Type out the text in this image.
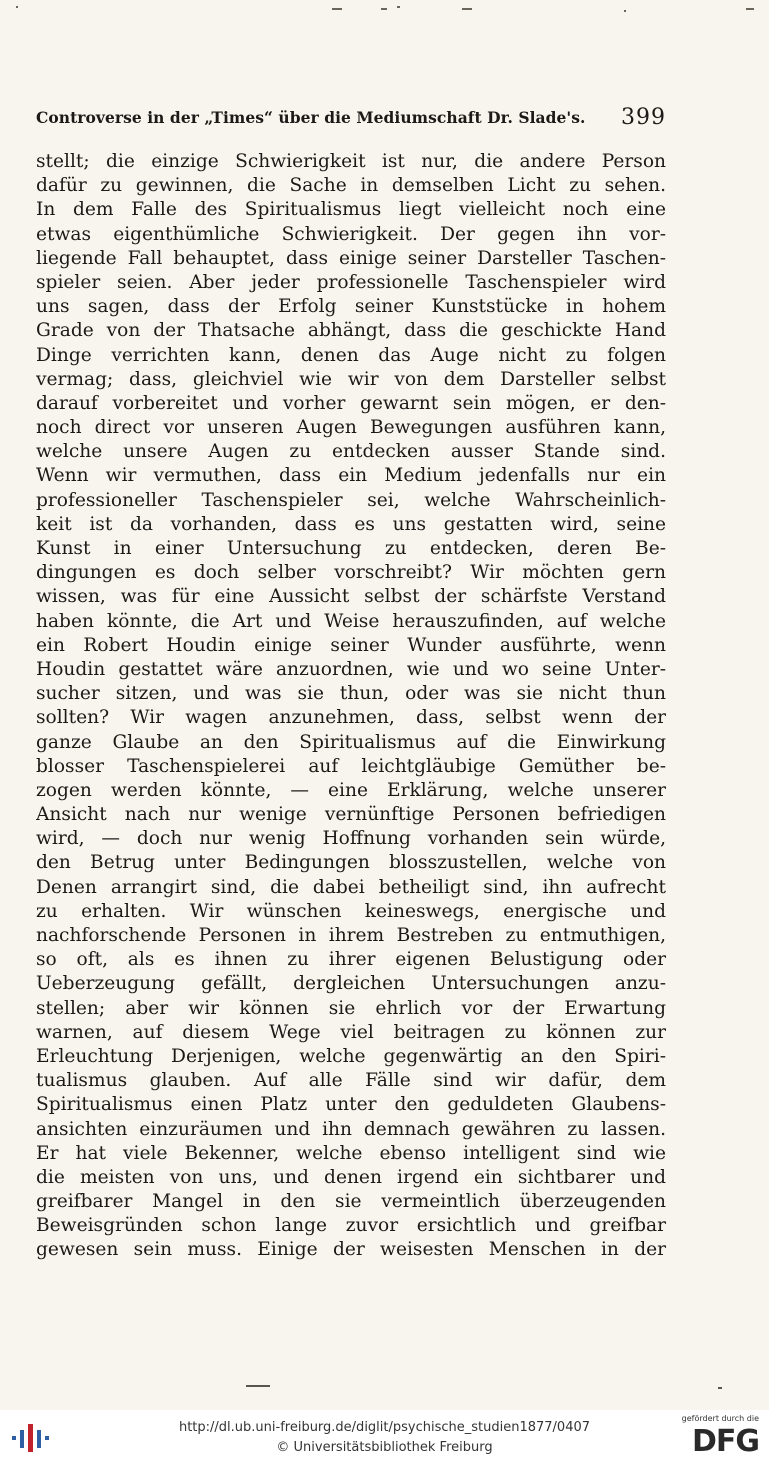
Controverse in der „Times“ über die Mediumschaft Dr. Slade's. 399
stellt; die einzige Schwierigkeit ist nur, die andere Person
dafür zu gewinnen, die Sache in demselben Licht zu sehen.
In dem Falle des Spiritualismus liegt vielleicht noch eine
etwas eigenthümliche Schwierigkeit. Der gegen ihn vor-
liegende Fall behauptet, dass einige seiner Darsteller Taschen-
spieler seien. Aber jeder professionelle Taschenspieler wird
uns sagen, dass der Erfolg seiner Kunststücke in hohem
Grade von der Thatsache abhängt, dass die geschickte Hand
Dinge verrichten kann, denen das Auge nicht zu folgen
vermag; dass, gleichviel wie wir von dem Darsteller selbst
darauf vorbereitet und vorher gewarnt sein mögen, er den-
noch direct vor unseren Augen Bewegungen ausführen kann,
welche unsere Augen zu entdecken ausser Stande sind.
Wenn wir vermuthen, dass ein Medium jedenfalls nur ein
professioneller Taschenspieler sei, welche Wahrscheinlich-
keit ist da vorhanden, dass es uns gestatten wird, seine
Kunst in einer Untersuchung zu entdecken, deren Be-
dingungen es doch selber vorschreibt? Wir möchten gern
wissen, was für eine Aussicht selbst der schärfste Verstand
haben könnte, die Art und Weise herauszufinden, auf welche
ein Robert Houdin einige seiner Wunder ausführte, wenn
Houdin gestattet wäre anzuordnen, wie und wo seine Unter-
sucher sitzen, und was sie thun, oder was sie nicht thun
sollten? Wir wagen anzunehmen, dass, selbst wenn der
ganze Glaube an den Spiritualismus auf die Einwirkung
blosser Taschenspielerei auf leichtgläubige Gemüther be-
zogen werden könnte, — eine Erklärung, welche unserer
Ansicht nach nur wenige vernünftige Personen befriedigen
wird, — doch nur wenig Hoffnung vorhanden sein würde,
den Betrug unter Bedingungen blosszustellen, welche von
Denen arrangirt sind, die dabei betheiligt sind, ihn aufrecht
zu erhalten. Wir wünschen keineswegs, energische und
nachforschende Personen in ihrem Bestreben zu entmuthigen,
so oft, als es ihnen zu ihrer eigenen Belustigung oder
Ueberzeugung gefällt, dergleichen Untersuchungen anzu-
stellen; aber wir können sie ehrlich vor der Erwartung
warnen, auf diesem Wege viel beitragen zu können zur
Erleuchtung Derjenigen, welche gegenwärtig an den Spiri-
tualismus glauben. Auf alle Fälle sind wir dafür, dem
Spiritualismus einen Platz unter den geduldeten Glaubens-
ansichten einzuräumen und ihn demnach gewähren zu lassen.
Er hat viele Bekenner, welche ebenso intelligent sind wie
die meisten von uns, und denen irgend ein sichtbarer und
greifbarer Mangel in den sie vermeintlich überzeugenden
Beweisgründen schon lange zuvor ersichtlich und greifbar
gewesen sein muss. Einige der weisesten Menschen in der
http://dl.ub.uni-freiburg.de/diglit/psychische_studien1877/0407
© Universitätsbibliothek Freiburg
gefördert durch die
DFG
